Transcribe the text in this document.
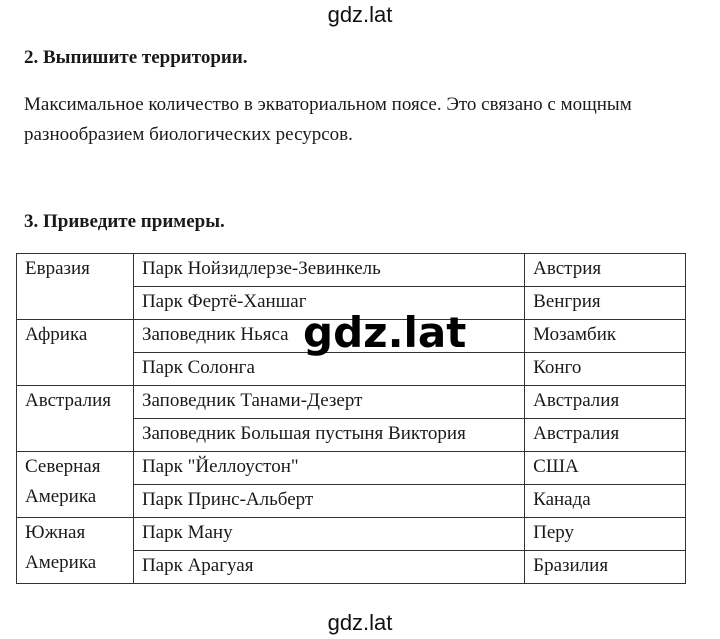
gdz.lat
2. Выпишите территории.
Максимальное количество в экваториальном поясе. Это связано с мощным разнообразием биологических ресурсов.
3. Приведите примеры.
Евразия	Парк Нойзидлерзе-Зевинкель	Австрия
	Парк Фертё-Ханшаг	Венгрия
Африка	Заповедник Ньяса	Мозамбик
	Парк Солонга	Конго
Австралия	Заповедник Танами-Дезерт	Австралия
	Заповедник Большая пустыня Виктория	Австралия

Северная
Америка	Парк "Йеллоустон"	США
	Парк Принс-Альберт	Канада

Южная
Америка	Парк Ману	Перу
	Парк Арагуая	Бразилия
gdz.lat
gdz.lat
